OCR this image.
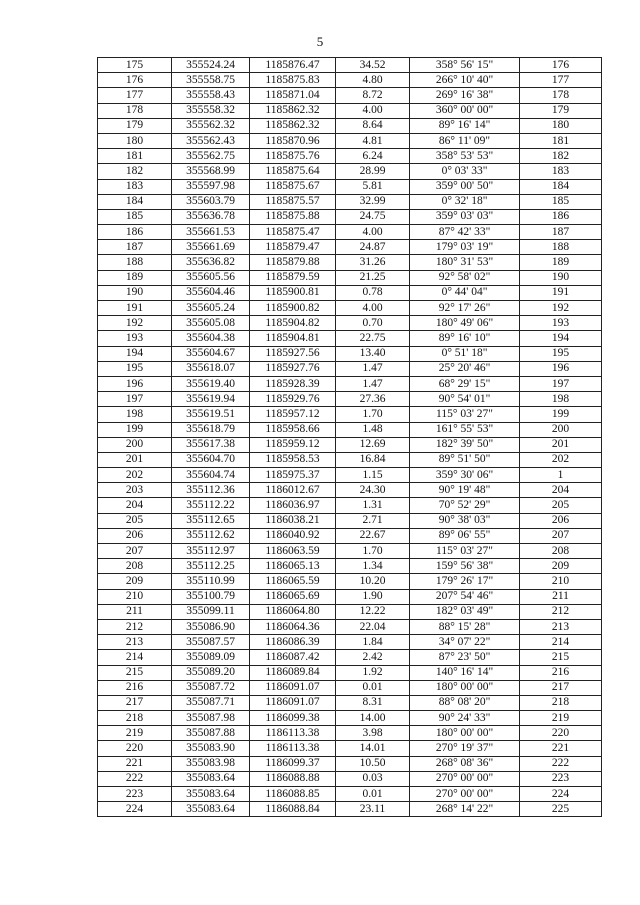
5
175	355524.24	1185876.47	34.52	358° 56' 15"	176
176	355558.75	1185875.83	4.80	266° 10' 40"	177
177	355558.43	1185871.04	8.72	269° 16' 38"	178
178	355558.32	1185862.32	4.00	360° 00' 00"	179
179	355562.32	1185862.32	8.64	89° 16' 14"	180
180	355562.43	1185870.96	4.81	86° 11' 09"	181
181	355562.75	1185875.76	6.24	358° 53' 53"	182
182	355568.99	1185875.64	28.99	0° 03' 33"	183
183	355597.98	1185875.67	5.81	359° 00' 50"	184
184	355603.79	1185875.57	32.99	0° 32' 18"	185
185	355636.78	1185875.88	24.75	359° 03' 03"	186
186	355661.53	1185875.47	4.00	87° 42' 33"	187
187	355661.69	1185879.47	24.87	179° 03' 19"	188
188	355636.82	1185879.88	31.26	180° 31' 53"	189
189	355605.56	1185879.59	21.25	92° 58' 02"	190
190	355604.46	1185900.81	0.78	0° 44' 04"	191
191	355605.24	1185900.82	4.00	92° 17' 26"	192
192	355605.08	1185904.82	0.70	180° 49' 06"	193
193	355604.38	1185904.81	22.75	89° 16' 10"	194
194	355604.67	1185927.56	13.40	0° 51' 18"	195
195	355618.07	1185927.76	1.47	25° 20' 46"	196
196	355619.40	1185928.39	1.47	68° 29' 15"	197
197	355619.94	1185929.76	27.36	90° 54' 01"	198
198	355619.51	1185957.12	1.70	115° 03' 27"	199
199	355618.79	1185958.66	1.48	161° 55' 53"	200
200	355617.38	1185959.12	12.69	182° 39' 50"	201
201	355604.70	1185958.53	16.84	89° 51' 50"	202
202	355604.74	1185975.37	1.15	359° 30' 06"	1
203	355112.36	1186012.67	24.30	90° 19' 48"	204
204	355112.22	1186036.97	1.31	70° 52' 29"	205
205	355112.65	1186038.21	2.71	90° 38' 03"	206
206	355112.62	1186040.92	22.67	89° 06' 55"	207
207	355112.97	1186063.59	1.70	115° 03' 27"	208
208	355112.25	1186065.13	1.34	159° 56' 38"	209
209	355110.99	1186065.59	10.20	179° 26' 17"	210
210	355100.79	1186065.69	1.90	207° 54' 46"	211
211	355099.11	1186064.80	12.22	182° 03' 49"	212
212	355086.90	1186064.36	22.04	88° 15' 28"	213
213	355087.57	1186086.39	1.84	34° 07' 22"	214
214	355089.09	1186087.42	2.42	87° 23' 50"	215
215	355089.20	1186089.84	1.92	140° 16' 14"	216
216	355087.72	1186091.07	0.01	180° 00' 00"	217
217	355087.71	1186091.07	8.31	88° 08' 20"	218
218	355087.98	1186099.38	14.00	90° 24' 33"	219
219	355087.88	1186113.38	3.98	180° 00' 00"	220
220	355083.90	1186113.38	14.01	270° 19' 37"	221
221	355083.98	1186099.37	10.50	268° 08' 36"	222
222	355083.64	1186088.88	0.03	270° 00' 00"	223
223	355083.64	1186088.85	0.01	270° 00' 00"	224
224	355083.64	1186088.84	23.11	268° 14' 22"	225
